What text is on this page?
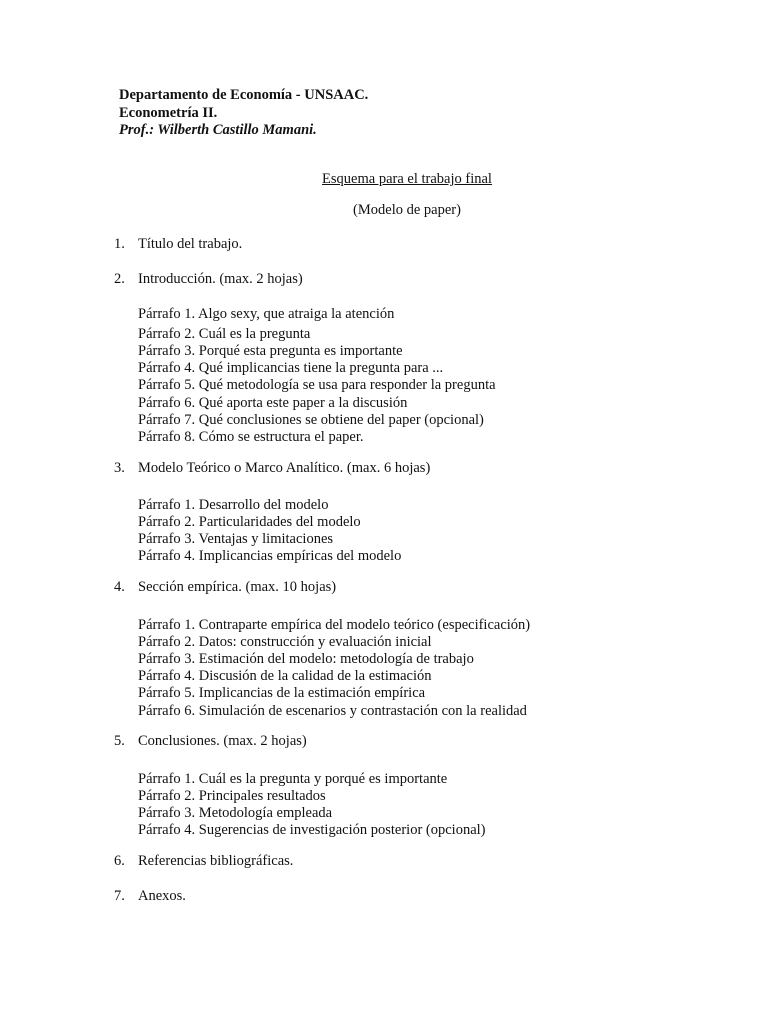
Departamento de Economía - UNSAAC.
Econometría II.
Prof.: Wilberth Castillo Mamani.
Esquema para el trabajo final
(Modelo de paper)
1. Título del trabajo.
2. Introducción. (max. 2 hojas)
Párrafo 1. Algo sexy, que atraiga la atención
Párrafo 2. Cuál es la pregunta
Párrafo 3. Porqué esta pregunta es importante
Párrafo 4. Qué implicancias tiene la pregunta para ...
Párrafo 5. Qué metodología se usa para responder la pregunta
Párrafo 6. Qué aporta este paper a la discusión
Párrafo 7. Qué conclusiones se obtiene del paper (opcional)
Párrafo 8. Cómo se estructura el paper.
3. Modelo Teórico o Marco Analítico. (max. 6 hojas)
Párrafo 1. Desarrollo del modelo
Párrafo 2. Particularidades del modelo
Párrafo 3. Ventajas y limitaciones
Párrafo 4. Implicancias empíricas del modelo
4. Sección empírica. (max. 10 hojas)
Párrafo 1. Contraparte empírica del modelo teórico (especificación)
Párrafo 2. Datos: construcción y evaluación inicial
Párrafo 3. Estimación del modelo: metodología de trabajo
Párrafo 4. Discusión de la calidad de la estimación
Párrafo 5. Implicancias de la estimación empírica
Párrafo 6. Simulación de escenarios y contrastación con la realidad
5. Conclusiones. (max. 2 hojas)
Párrafo 1. Cuál es la pregunta y porqué es importante
Párrafo 2. Principales resultados
Párrafo 3. Metodología empleada
Párrafo 4. Sugerencias de investigación posterior (opcional)
6. Referencias bibliográficas.
7. Anexos.
